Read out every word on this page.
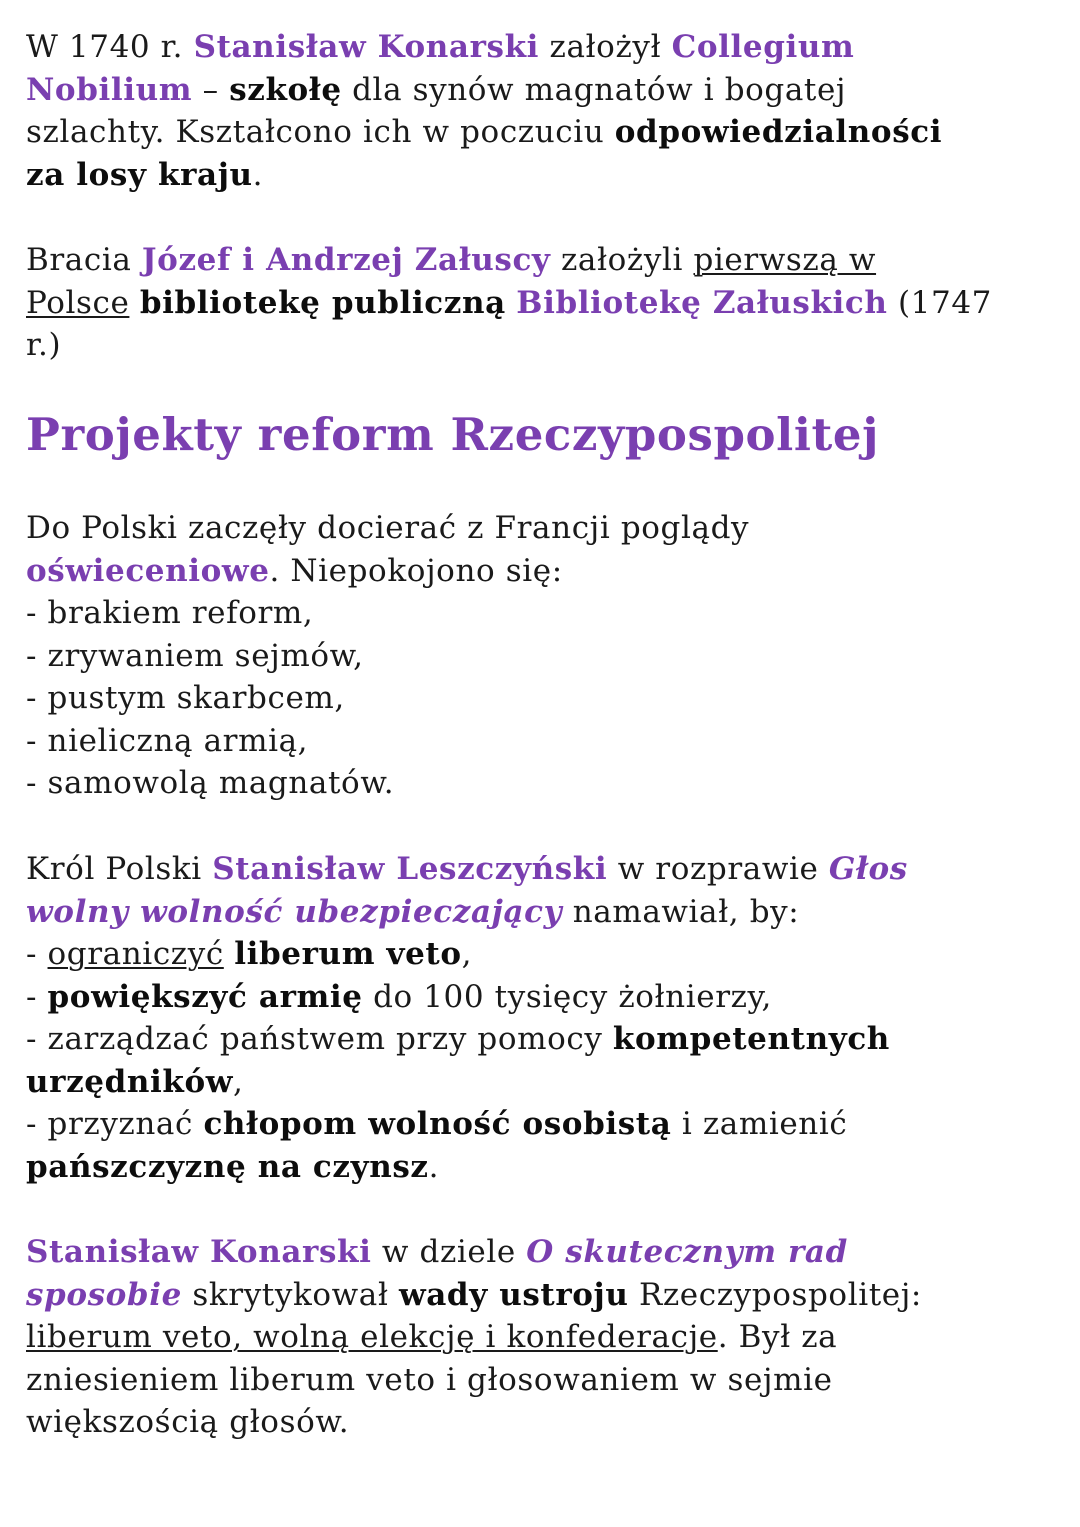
W 1740 r. Stanisław Konarski założył Collegium
Nobilium – szkołę dla synów magnatów i bogatej
szlachty. Kształcono ich w poczuciu odpowiedzialności
za losy kraju.

Bracia Józef i Andrzej Załuscy założyli pierwszą w
Polsce bibliotekę publiczną Bibliotekę Załuskich (1747
r.)

Projekty reform Rzeczypospolitej

Do Polski zaczęły docierać z Francji poglądy
oświeceniowe. Niepokojono się:
- brakiem reform,
- zrywaniem sejmów,
- pustym skarbcem,
- nieliczną armią,
- samowolą magnatów.

Król Polski Stanisław Leszczyński w rozprawie Głos
wolny wolność ubezpieczający namawiał, by:
- ograniczyć liberum veto,
- powiększyć armię do 100 tysięcy żołnierzy,
- zarządzać państwem przy pomocy kompetentnych
urzędników,
- przyznać chłopom wolność osobistą i zamienić
pańszczyznę na czynsz.

Stanisław Konarski w dziele O skutecznym rad
sposobie skrytykował wady ustroju Rzeczypospolitej:
liberum veto, wolną elekcję i konfederacje. Był za
zniesieniem liberum veto i głosowaniem w sejmie
większością głosów.
